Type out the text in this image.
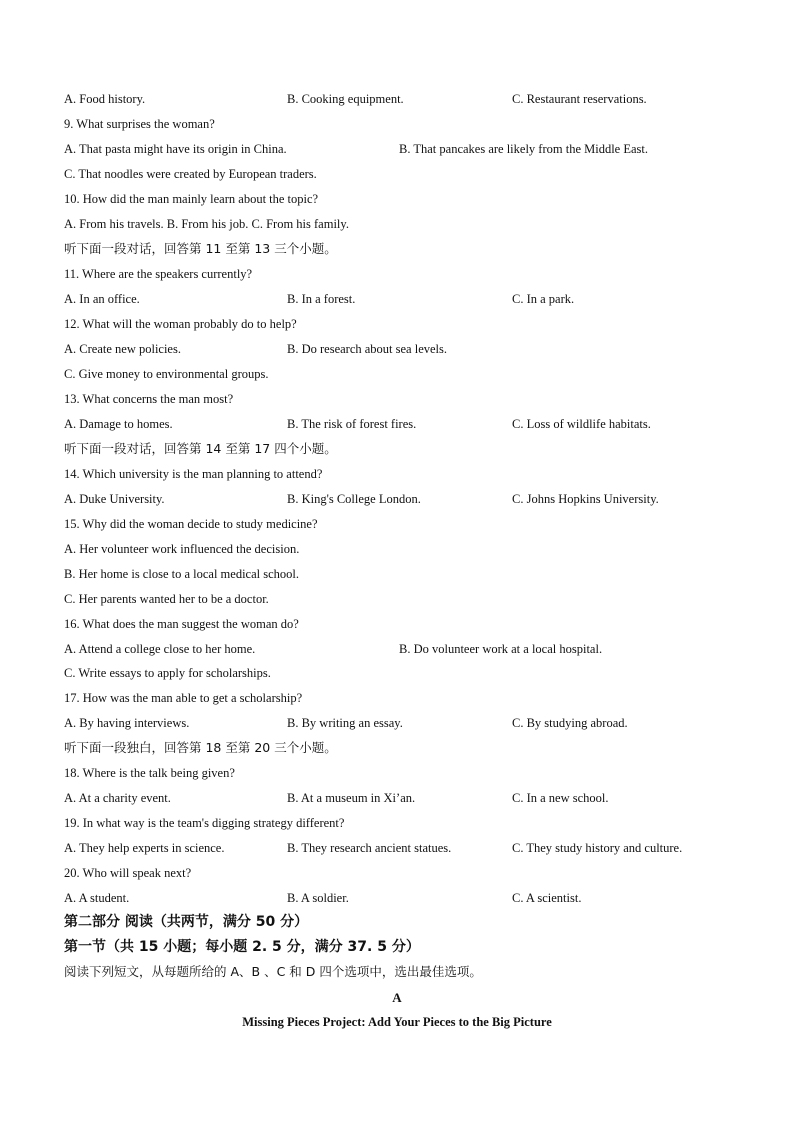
A. Food history.	B. Cooking equipment.	C. Restaurant reservations.
9. What surprises the woman?
A. That pasta might have its origin in China.	B. That pancakes are likely from the Middle East.
C. That noodles were created by European traders.
10. How did the man mainly learn about the topic?
A. From his travels. B. From his job. C. From his family.
听下面一段对话，回答第 11 至第 13 三个小题。
11. Where are the speakers currently?
A. In an office.	B. In a forest.	C. In a park.
12. What will the woman probably do to help?
A. Create new policies.	B. Do research about sea levels.
C. Give money to environmental groups.
13. What concerns the man most?
A. Damage to homes.	B. The risk of forest fires.	C. Loss of wildlife habitats.
听下面一段对话，回答第 14 至第 17 四个小题。
14. Which university is the man planning to attend?
A. Duke University.	B. King's College London.	C. Johns Hopkins University.
15. Why did the woman decide to study medicine?
A. Her volunteer work influenced the decision.
B. Her home is close to a local medical school.
C. Her parents wanted her to be a doctor.
16. What does the man suggest the woman do?
A. Attend a college close to her home.	B. Do volunteer work at a local hospital.
C. Write essays to apply for scholarships.
17. How was the man able to get a scholarship?
A. By having interviews.	B. By writing an essay.	C. By studying abroad.
听下面一段独白，回答第 18 至第 20 三个小题。
18. Where is the talk being given?
A. At a charity event.	B. At a museum in Xi’an.	C. In a new school.
19. In what way is the team's digging strategy different?
A. They help experts in science.	B. They research ancient statues.	C. They study history and culture.
20. Who will speak next?
A. A student.	B. A soldier.	C. A scientist.
第二部分 阅读（共两节，满分 50 分）
第一节（共 15 小题；每小题 2. 5 分，满分 37. 5 分）
阅读下列短文，从每题所给的 A、B 、C 和 D 四个选项中，选出最佳选项。
A
Missing Pieces Project: Add Your Pieces to the Big Picture
